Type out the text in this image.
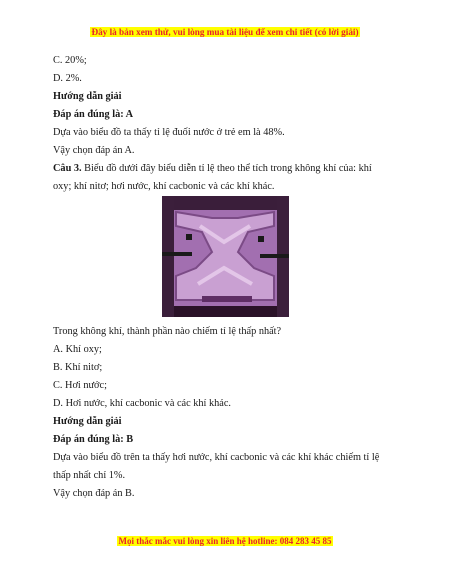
Đây là bản xem thử, vui lòng mua tài liệu để xem chi tiết (có lời giải)
C. 20%;
D. 2%.
Hướng dẫn giải
Đáp án đúng là: A
Dựa vào biểu đồ ta thấy tỉ lệ đuối nước ở trẻ em là 48%.
Vậy chọn đáp án A.
Câu 3. Biểu đồ dưới đây biểu diễn tỉ lệ theo thể tích trong không khí của: khí
oxy; khí nitơ; hơi nước, khí cacbonic và các khí khác.
Trong không khí, thành phần nào chiếm tỉ lệ thấp nhất?
A. Khí oxy;
B. Khí nitơ;
C. Hơi nước;
D. Hơi nước, khí cacbonic và các khí khác.
Hướng dẫn giải
Đáp án đúng là: B
Dựa vào biểu đồ trên ta thấy hơi nước, khí cacbonic và các khí khác chiếm tỉ lệ
thấp nhất chỉ 1%.
Vậy chọn đáp án B.
Mọi thắc mắc vui lòng xin liên hệ hotline: 084 283 45 85
